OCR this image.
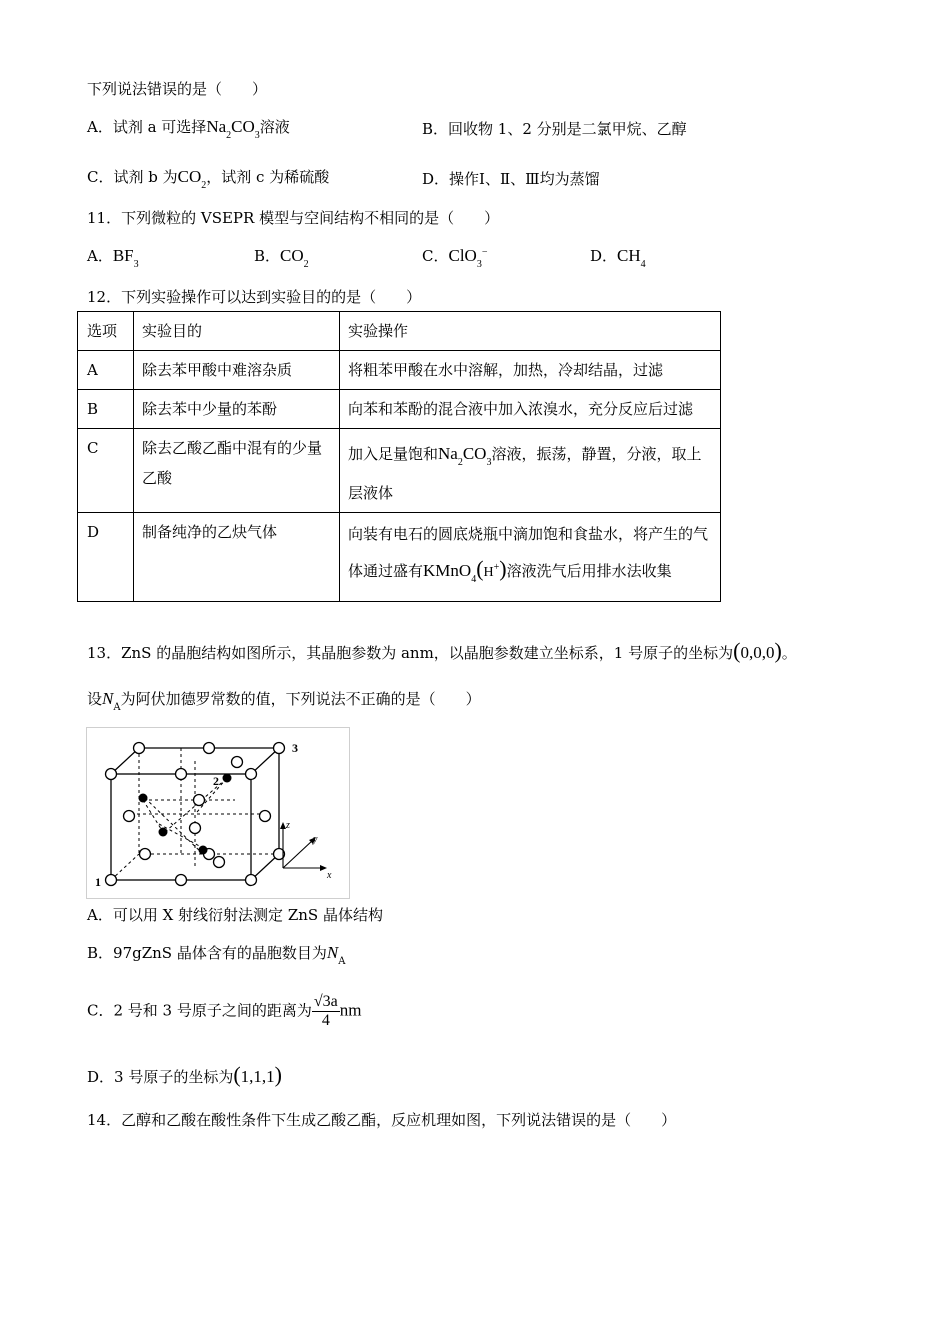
下列说法错误的是（　　）
A．试剂 a 可选择$Na_2CO_3$溶液	B．回收物 1、2 分别是二氯甲烷、乙醇
C．试剂 b 为$CO_2$，试剂 c 为稀硫酸	D．操作Ⅰ、Ⅱ、Ⅲ均为蒸馏
11．下列微粒的 VSEPR 模型与空间结构不相同的是（　　）
A．$BF_3$	B．$CO_2$	C．ClO$_3$−	D．$CH_4$
12．下列实验操作可以达到实验目的的是（　　）
选项	实验目的	实验操作
A	除去苯甲酸中难溶杂质	将粗苯甲酸在水中溶解，加热，冷却结晶，过滤
B	除去苯中少量的苯酚	向苯和苯酚的混合液中加入浓溴水，充分反应后过滤
C	除去乙酸乙酯中混有的少量乙酸	加入足量饱和$Na_2CO_3$溶液，振荡，静置，分液，取上层液体
D	制备纯净的乙炔气体	向装有电石的圆底烧瓶中滴加饱和食盐水，将产生的气体通过盛有KMnO$_4$(H+)溶液洗气后用排水法收集
13．ZnS 的晶胞结构如图所示，其晶胞参数为 anm，以晶胞参数建立坐标系，1 号原子的坐标为(0,0,0)。
设$N_A$为阿伏加德罗常数的值，下列说法不正确的是（　　）
1
2
3
z
y
x
A．可以用 X 射线衍射法测定 ZnS 晶体结构
B．97gZnS 晶体含有的晶胞数目为$N_A$
C．2 号和 3 号原子之间的距离为 $\frac{√3a}{4}$ nm
D．3 号原子的坐标为(1,1,1)
14．乙醇和乙酸在酸性条件下生成乙酸乙酯，反应机理如图，下列说法错误的是（　　）
